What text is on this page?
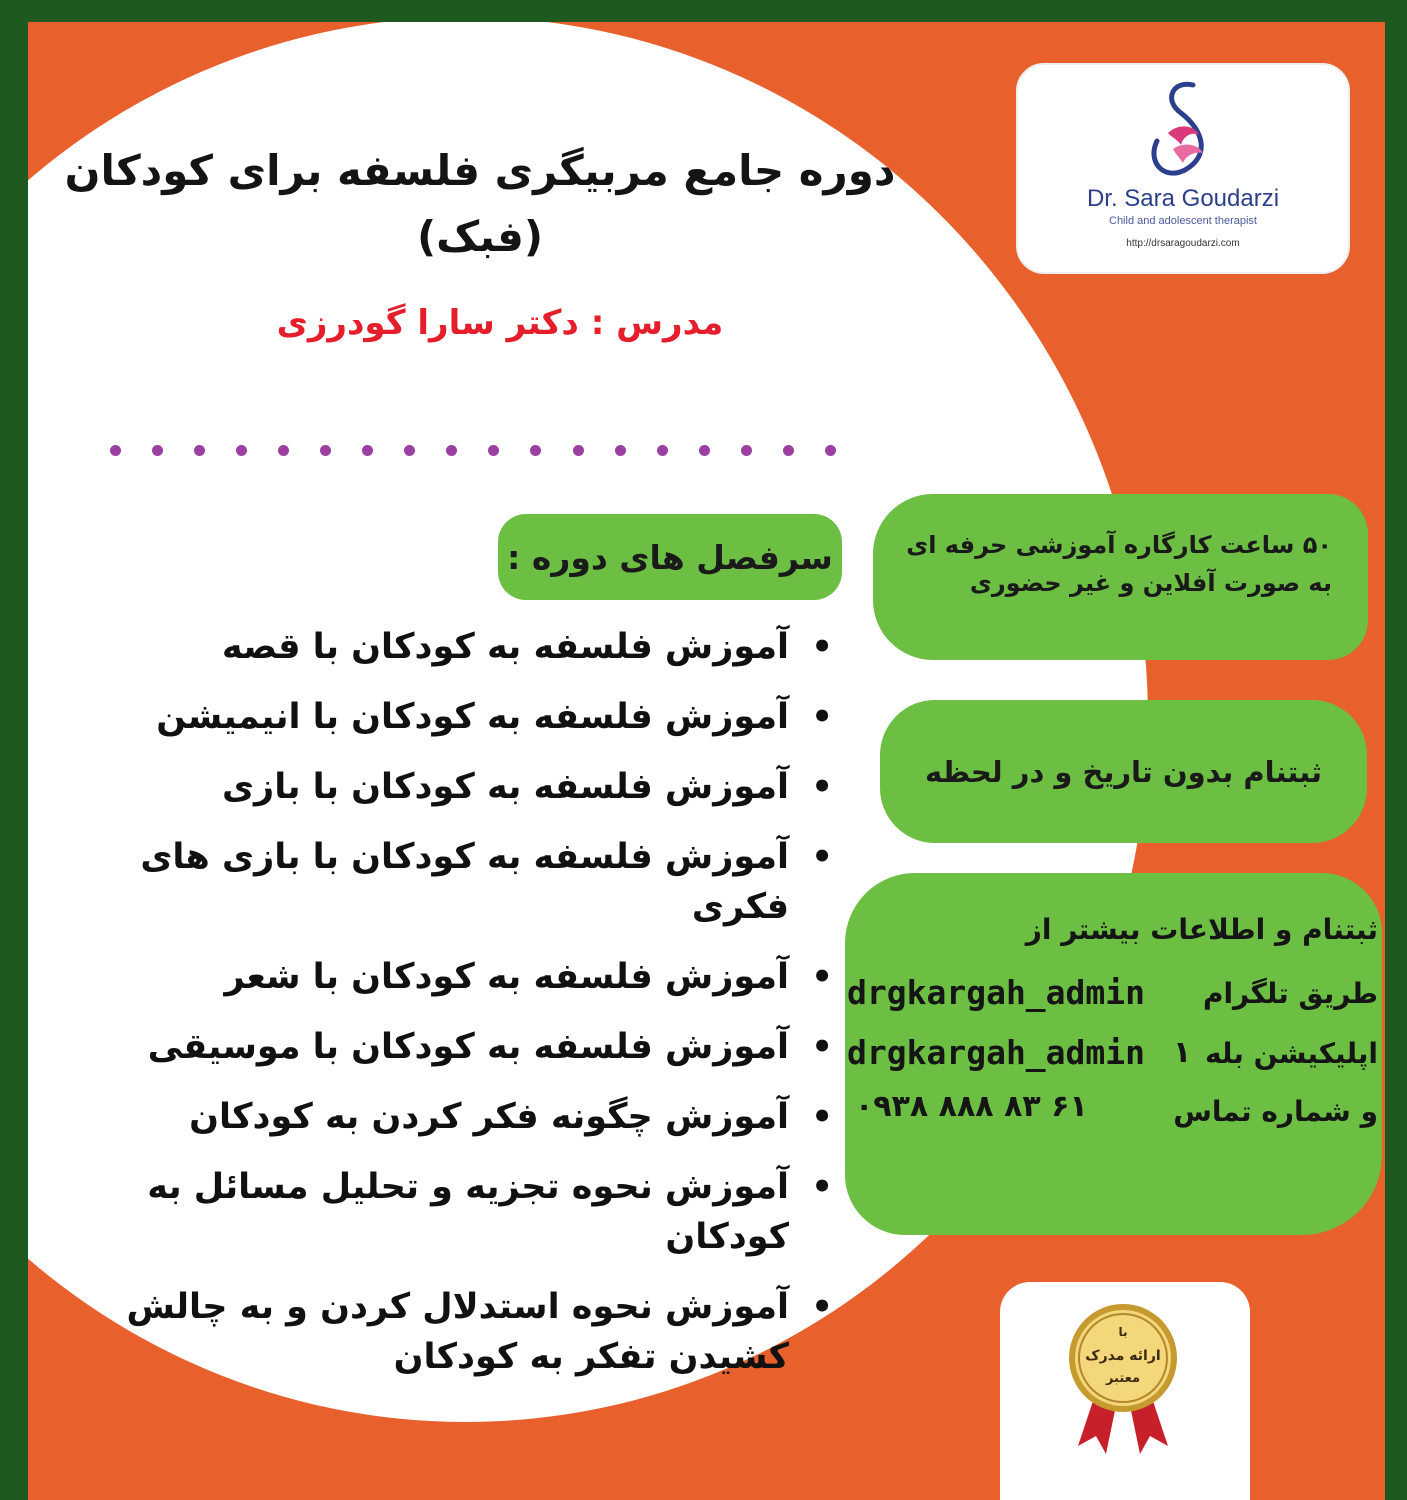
دوره جامع مربیگری فلسفه برای کودکان
(فبک)
مدرس : دکتر سارا گودرزی
Dr. Sara Goudarzi
Child and adolescent therapist
http://drsaragoudarzi.com
سرفصل های دوره :
• آموزش فلسفه به کودکان با قصه
• آموزش فلسفه به کودکان با انیمیشن
• آموزش فلسفه به کودکان با بازی
• آموزش فلسفه به کودکان با بازی های فکری
• آموزش فلسفه به کودکان با شعر
• آموزش فلسفه به کودکان با موسیقی
• آموزش چگونه فکر کردن به کودکان
• آموزش نحوه تجزیه و تحلیل مسائل به کودکان
• آموزش نحوه استدلال کردن و به چالش کشیدن تفکر به کودکان
۵۰ ساعت کارگاره آموزشی حرفه ای
به صورت آفلاین و غیر حضوری
ثبتنام بدون تاریخ و در لحظه
ثبتنام و اطلاعات بیشتر از
طریق تلگرام
drgkargah_admin
اپلیکیشن بله
drgkargah_admin ۱
و شماره تماس
۰۹۳۸ ۸۸۸ ۸۳ ۶۱
با
ارائه مدرک
معتبر
